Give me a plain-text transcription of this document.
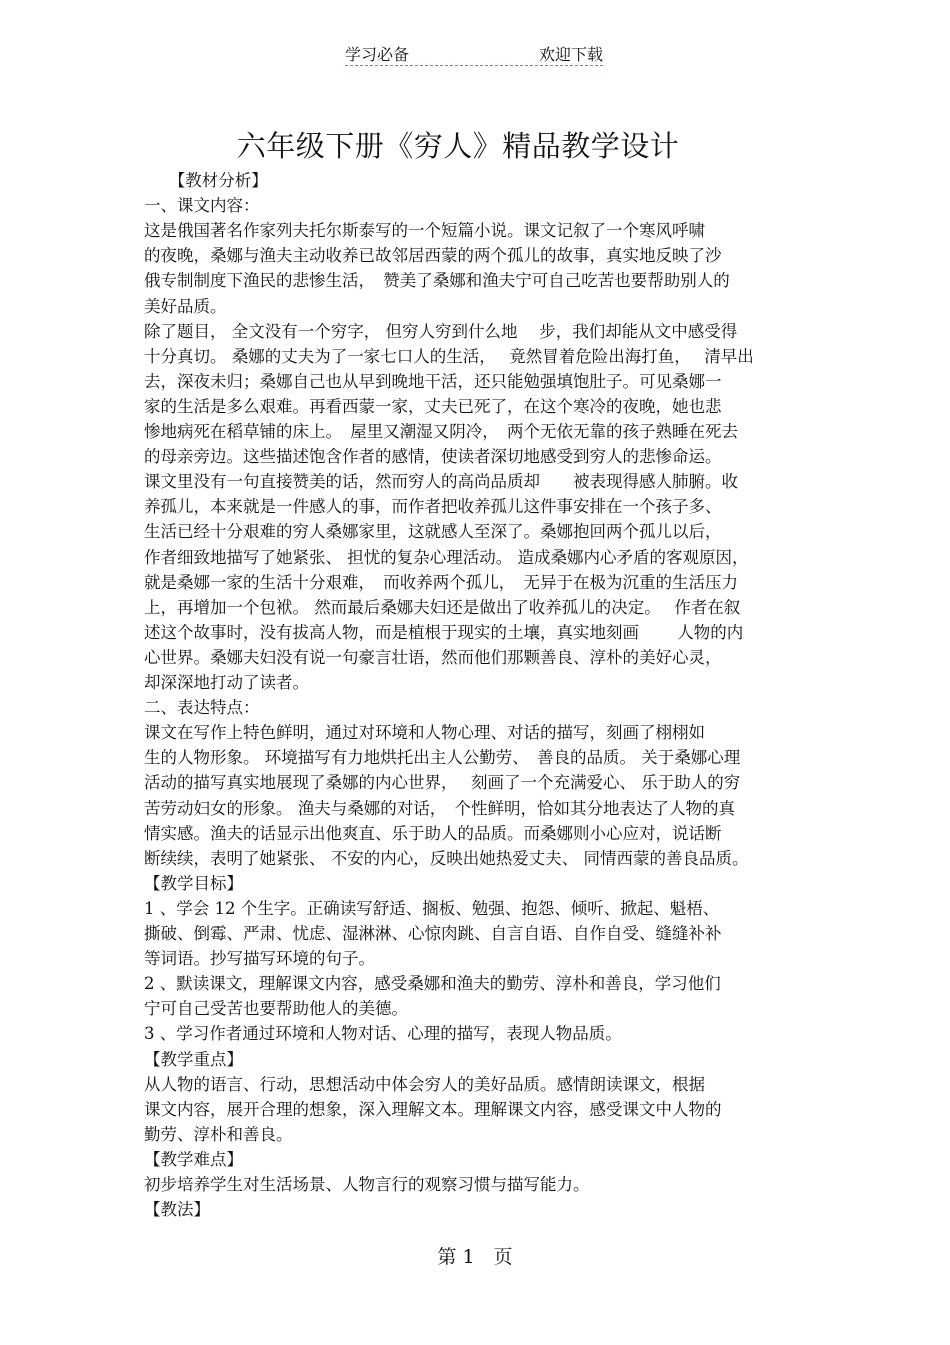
学习必备	欢迎下载
六年级下册《穷人》精品教学设计
　　【教材分析】
一、课文内容：
这是俄国著名作家列夫托尔斯泰写的一个短篇小说。课文记叙了一个寒风呼啸
的夜晚，桑娜与渔夫主动收养已故邻居西蒙的两个孤儿的故事，真实地反映了沙
俄专制制度下渔民的悲惨生活，　赞美了桑娜和渔夫宁可自己吃苦也要帮助别人的
美好品质。
除了题目， 全文没有一个穷字， 但穷人穷到什么地　 步，我们却能从文中感受得
十分真切。 桑娜的丈夫为了一家七口人的生活，　 竟然冒着危险出海打鱼，　 清早出
去，深夜未归；桑娜自己也从早到晚地干活，还只能勉强填饱肚子。可见桑娜一
家的生活是多么艰难。再看西蒙一家，丈夫已死了，在这个寒冷的夜晚，她也悲
惨地病死在稻草铺的床上。　屋里又潮湿又阴冷，　两个无依无靠的孩子熟睡在死去
的母亲旁边。这些描述饱含作者的感情，使读者深切地感受到穷人的悲惨命运。
课文里没有一句直接赞美的话，然而穷人的高尚品质却　　被表现得感人肺腑。收
养孤儿，本来就是一件感人的事，而作者把收养孤儿这件事安排在一个孩子多、
生活已经十分艰难的穷人桑娜家里，这就感人至深了。桑娜抱回两个孤儿以后，
作者细致地描写了她紧张、 担忧的复杂心理活动。 造成桑娜内心矛盾的客观原因，
就是桑娜一家的生活十分艰难，　而收养两个孤儿，　无异于在极为沉重的生活压力
上，再增加一个包袱。 然而最后桑娜夫妇还是做出了收养孤儿的决定。　 作者在叙
述这个故事时，没有拔高人物，而是植根于现实的土壤，真实地刻画　　 人物的内
心世界。桑娜夫妇没有说一句豪言壮语，然而他们那颗善良、淳朴的美好心灵，
却深深地打动了读者。
二、表达特点：
课文在写作上特色鲜明，通过对环境和人物心理、对话的描写，刻画了栩栩如
生的人物形象。 环境描写有力地烘托出主人公勤劳、　善良的品质。 关于桑娜心理
活动的描写真实地展现了桑娜的内心世界，　 刻画了一个充满爱心、 乐于助人的穷
苦劳动妇女的形象。 渔夫与桑娜的对话，　个性鲜明，恰如其分地表达了人物的真
情实感。渔夫的话显示出他爽直、乐于助人的品质。而桑娜则小心应对，说话断
断续续，表明了她紧张、 不安的内心，反映出她热爱丈夫、 同情西蒙的善良品质。
【教学目标】
1 、学会 12 个生字。正确读写舒适、搁板、勉强、抱怨、倾听、掀起、魁梧、
撕破、倒霉、严肃、忧虑、湿淋淋、心惊肉跳、自言自语、自作自受、缝缝补补
等词语。抄写描写环境的句子。
2 、默读课文，理解课文内容，感受桑娜和渔夫的勤劳、淳朴和善良，学习他们
宁可自己受苦也要帮助他人的美德。
3 、学习作者通过环境和人物对话、心理的描写，表现人物品质。
【教学重点】
从人物的语言、行动，思想活动中体会穷人的美好品质。感情朗读课文，根据
课文内容，展开合理的想象，深入理解文本。理解课文内容，感受课文中人物的
勤劳、淳朴和善良。
【教学难点】
初步培养学生对生活场景、人物言行的观察习惯与描写能力。
【教法】
第 1　页
